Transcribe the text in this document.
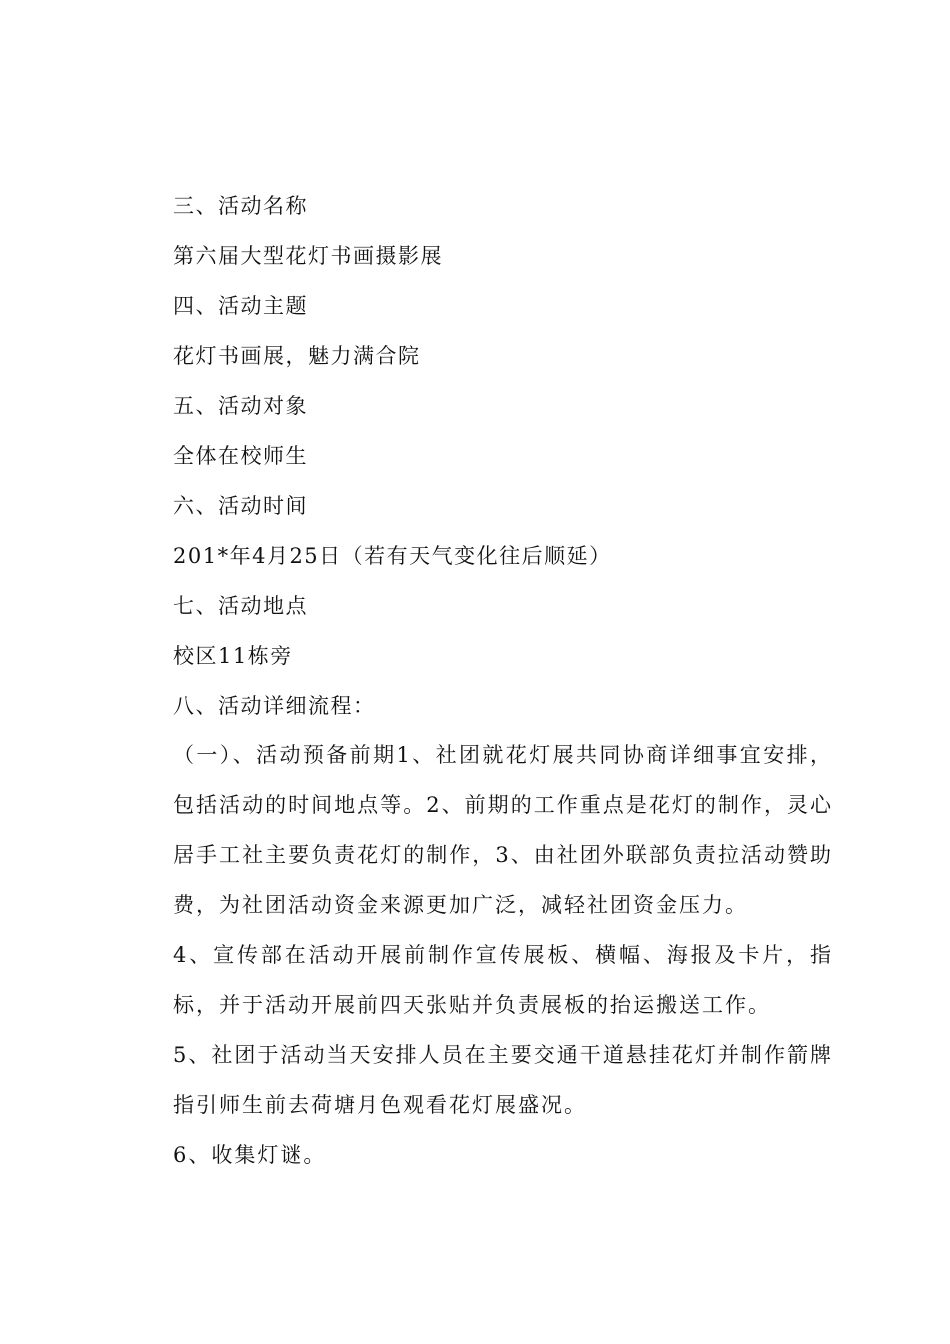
三、活动名称
第六届大型花灯书画摄影展
四、活动主题
花灯书画展，魅力满合院
五、活动对象
全体在校师生
六、活动时间
201*年4月25日（若有天气变化往后顺延）
七、活动地点
校区11栋旁
八、活动详细流程：
（一）、活动预备前期1、社团就花灯展共同协商详细事宜安排，包括活动的时间地点等。2、前期的工作重点是花灯的制作，灵心居手工社主要负责花灯的制作，3、由社团外联部负责拉活动赞助费，为社团活动资金来源更加广泛，减轻社团资金压力。
4、宣传部在活动开展前制作宣传展板、横幅、海报及卡片，指标，并于活动开展前四天张贴并负责展板的抬运搬送工作。
5、社团于活动当天安排人员在主要交通干道悬挂花灯并制作箭牌指引师生前去荷塘月色观看花灯展盛况。
6、收集灯谜。
